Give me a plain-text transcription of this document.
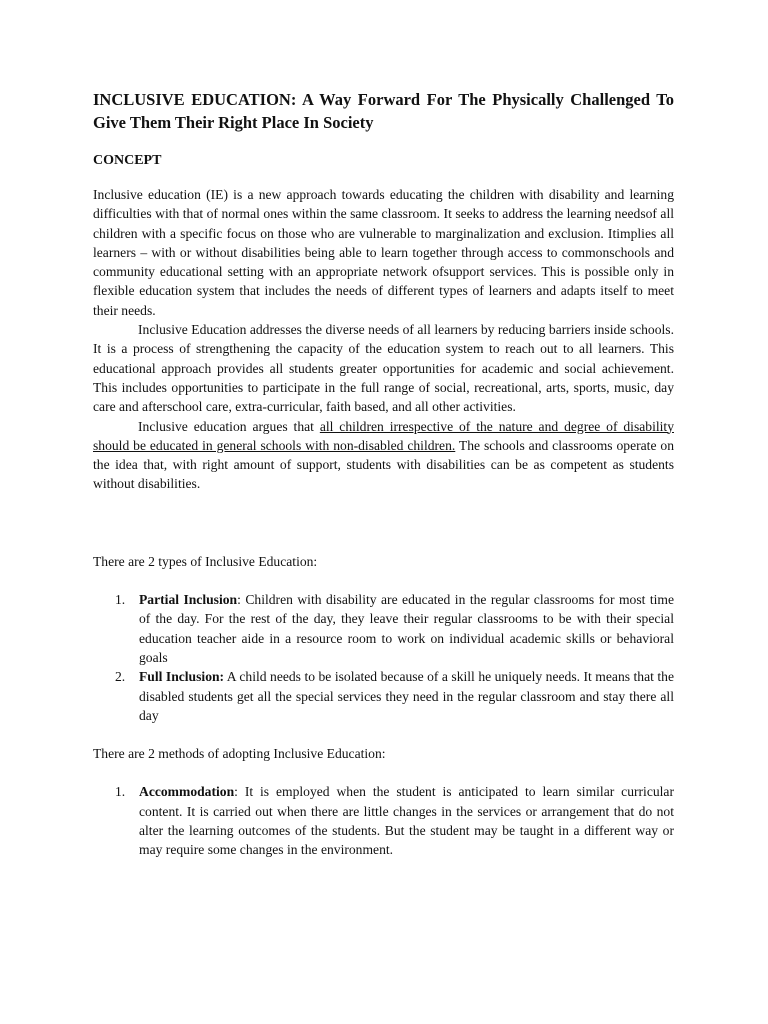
INCLUSIVE EDUCATION: A Way Forward For The Physically Challenged To Give Them Their Right Place In Society
CONCEPT

Inclusive education (IE) is a new approach towards educating the children with disability and learning difficulties with that of normal ones within the same classroom. It seeks to address the learning needsof all children with a specific focus on those who are vulnerable to marginalization and exclusion. Itimplies all learners – with or without disabilities being able to learn together through access to commonschools and community educational setting with an appropriate network ofsupport services. This is possible only in flexible education system that includes the needs of different types of learners and adapts itself to meet their needs.

Inclusive Education addresses the diverse needs of all learners by reducing barriers inside schools. It is a process of strengthening the capacity of the education system to reach out to all learners. This educational approach provides all students greater opportunities for academic and social achievement. This includes opportunities to participate in the full range of social, recreational, arts, sports, music, day care and afterschool care, extra-curricular, faith based, and all other activities.

Inclusive education argues that all children irrespective of the nature and degree of disability should be educated in general schools with non-disabled children. The schools and classrooms operate on the idea that, with right amount of support, students with disabilities can be as competent as students without disabilities.

There are 2 types of Inclusive Education:

1. Partial Inclusion: Children with disability are educated in the regular classrooms for most time of the day. For the rest of the day, they leave their regular classrooms to be with their special education teacher aide in a resource room to work on individual academic skills or behavioral goals
2. Full Inclusion: A child needs to be isolated because of a skill he uniquely needs. It means that the disabled students get all the special services they need in the regular classroom and stay there all day

There are 2 methods of adopting Inclusive Education:

1. Accommodation: It is employed when the student is anticipated to learn similar curricular content. It is carried out when there are little changes in the services or arrangement that do not alter the learning outcomes of the students. But the student may be taught in a different way or may require some changes in the environment.
